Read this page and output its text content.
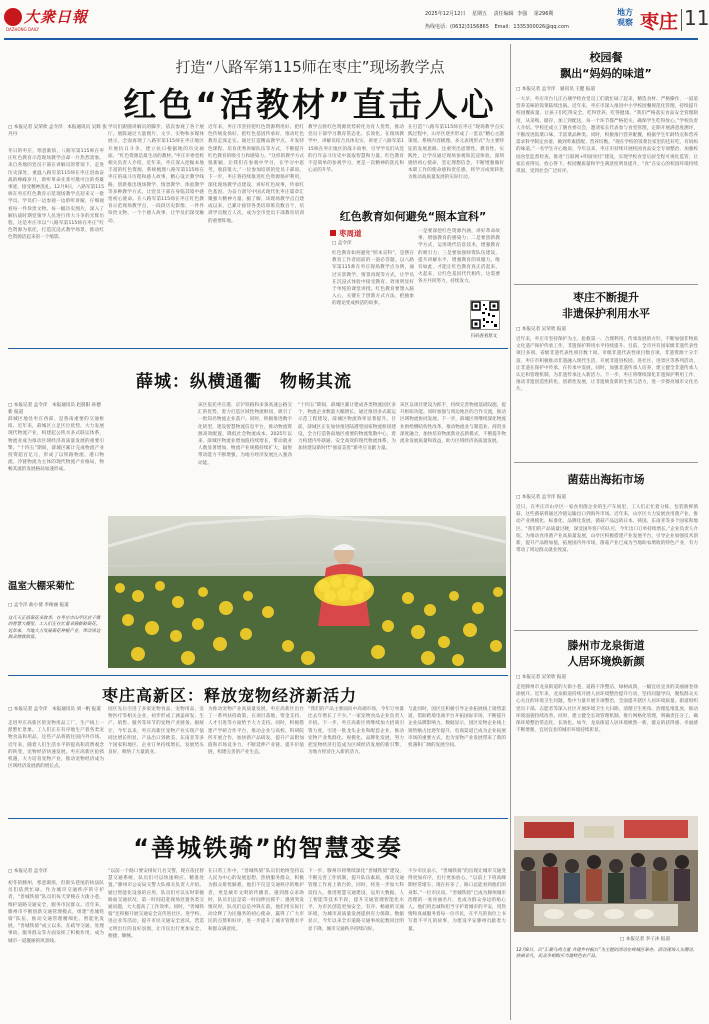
大衆日報
DAZHONG DAILY
2025年12月12日 星期五 责任编辑 李强 第296期
热线电话：(0632)3156865 Email：1335300026@qq.com
地方
观察 枣庄 11
打造“八路军第115师在枣庄”现场教学点
红色“活教材”直击人心
□ 本报记者 吴荣欣 孟令洋　本报通讯员 吴辉 张丹丹
冬日的枣庄，寒意渐浓，八路军第115师在枣庄红色教育示范现场教学点却一片热烈景象。来自各地的党员干部在讲解员的带领下，走进历史深处，重温八路军第115师在枣庄浴血奋战的峥嵘岁月，聆听革命先辈可歌可泣的英雄事迹，接受精神洗礼。12月9日，八路军第115师在枣庄红色教育示范现场教学点迎来又一批学员。学员们一边参观一边聆听讲解，仔细观看每一件珍贵文物、每一幅历史图片，深入了解抗战时期党领导人民进行伟大斗争的光辉历程。这是枣庄市以“八路军第115师在枣庄”红色资源为依托，打造沉浸式教学场景、推动红色资源活起来的一个缩影。
学员们跟随讲解员的脚步，依次参观了各个展厅。展陈通过大量图片、文字、实物和多媒体展示，全面再现了八路军第115师在枣庄地区开展抗日斗争、建立抗日根据地的历史画面。“红色资源是最生动的教材。”枣庄市委党校相关负责人介绍，近年来，枣庄深入挖掘本地丰富的红色资源，系统梳理八路军第115师在枣庄的战斗历程和感人故事，精心设计教学线路，创新推出现场教学、情景教学、体验教学等多种教学方式，让党员干部在身临其境中感悟初心使命。在八路军第115师在枣庄红色教育示范现场教学点，一段段历史影像、一件件珍贵文物、一个个感人故事，让学员们深受触动。
近年来，枣庄市坚持把红色资源利用好、把红色传统发扬好、把红色基因传承好，推动红色教育走深走实。通过打造精品教学点、开发特色课程、培育优秀讲解队伍等方式，不断提升红色教育的吸引力和感染力。“这样的教学方式很新颖，让我们在参观中学习，在学习中思考，收获很大。”一位参加培训的党员干部说。下一步，枣庄将持续推进红色资源保护利用，深化现场教学点建设，讲好红色故事，传承红色基因，为奋力谱写中国式现代化枣庄篇章汇聚强大精神力量。据了解，该现场教学点自建成以来，已累计接待各类培训班次数百个，培训学员数万人次，成为全市党员干部教育培训的重要阵地。
教学点将红色资源优势转化为育人优势，推动党员干部学习教育常态化、长效化。在现场教学中，讲解员结合具体史实，讲述了八路军第115师在枣庄地区的战斗故事，引导学员们从党的百年奋斗历史中汲取智慧和力量。红色教育不是简单的参观学习，更是一次精神的洗礼和心灵的升华。
在打造“八路军第115师在枣庄”现场教学点实践过程中，山亭区逐步形成了一套以“精心主题策划、系统内容梳理、多元表现形式”为主要特征的发展思路。注重突出思想性、教育性、实践性，让学员通过现场参观和沉浸体验，深刻感悟初心使命，坚定理想信念，不断增强做好本职工作的使命感和责任感，将学习成果转化为推动高质量发展的实际行动。
红色教育如何避免“照本宣科”
枣周道
□ 孟令洋
红色教育如何避免“照本宣科”，是摆在教育工作者面前的一道必答题。以八路军第115师在枣庄现场教学点为例，通过实景教学、情景再现等方式，让学员在沉浸式体验中接受教育，效果明显好于单纯的课堂讲授。红色教育要想入脑入心，关键在于创新方式方法，把抽象的理论变成鲜活的故事。
一是要深挖红色资源内涵，讲好革命故事，增强教育的感染力；二是要创新教学方式，运用现代信息技术，增强教育的吸引力；三是要加强师资队伍建设，提升讲解水平，增强教育的说服力。唯有如此，才能让红色教育真正活起来、火起来，让红色基因代代相传。这需要各方共同努力，持续发力。
扫码查看原文
薛城：纵横通衢　物畅其流
□ 本报记者 孟令洋　本报通讯员 赵晨阳 孙德新 报道
薛城区地处枣庄西部，是鲁南重要的交通枢纽。近年来，薛城区立足区位优势，大力发展现代物流产业，构建起公铁水多式联运体系，物流业成为推动区域经济高质量发展的重要引擎。“十四五”期间，薛城区累计完成物流产业投资超百亿元，形成了以铁路物流、港口物流、冷链物流为主体的现代物流产业格局，物畅其流的发展格局加速形成。
该区依托枣庄港、京沪铁路和多条高速公路交汇的优势，着力打造区域性物流枢纽，吸引了一批知名物流企业落户。同时，积极推进数字化转型，建设智慧物流信息平台，推动物流资源高效配置，降低社会物流成本。2025年以来，薛城区物流业增加值持续增长，带动就业人数显著增加，物流产业规模持续扩大，辐射带动能力不断增强，为地方经济发展注入强劲动能。
“十四五”期间，薛城区累计建成各类物流园区多个，物流企业数量大幅增长。通过推进多式联运示范工程建设，薛城区物流效率显著提升。目前，薛城区正在加快推进陆港型国家物流枢纽建设，全力打造鲁南地区重要的物流集散中心，着力构建内外联通、安全高效的现代物流体系，为加快建设新时代“强富美优”新枣庄贡献力量。
该区以项目建设为抓手，持续完善物流基础设施，提升枢纽功能。同时加强与周边地区的合作交流，推动区域物流协同发展。下一步，薛城区将继续深化物流业供给侧结构性改革，推动物流业与制造业、商贸业深度融合，加快培育物流新业态新模式，不断提升物流业发展质量和效益，助力区域经济高质量发展。
温室大棚采菊忙
□ 孟令洋 曲小倩 李俊丽 报道
这几天正值菊花采收季，在枣庄市山亭区店子镇的智慧大棚里，工人们正在忙着采摘新鲜菊花。近年来，当地大力发展菊花种植产业，带动周边群众增收致富。
枣庄高新区：释放宠物经济新活力
□ 本报记者 孟令洋　本报通讯员 刘一帆 报道
走进枣庄高新区的宠物用品工厂，生产线上一派繁忙景象。工人们正在有序地生产着各类宠物食品和用品，这些产品将销往国内外市场。近年来，随着人们生活水平的提高和消费观念的转变，宠物经济快速发展。枣庄高新区抢抓机遇，大力培育宠物产业，推动宠物经济成为区域经济发展新的增长点。
园区先后引进了多家宠物食品、宠物用品、宠物医疗等相关企业，初步形成了涵盖研发、生产、销售、服务等环节的宠物产业链条。据统计，今年以来，枣庄高新区宠物产业实现产值同比增长明显，产品出口到欧美、东南亚等多个国家和地区，企业订单持续增长，发展势头良好，吸纳了大量就业。
为推动宠物产业高质量发展，枣庄高新区出台了一系列扶持政策，在项目落地、资金支持、人才引进等方面给予大力支持。同时，积极搭建产学研合作平台，推动企业与高校、科研院所开展合作，加快新产品研发，提升产品附加值和市场竞争力，不断延伸产业链、提升价值链，构建完善的产业生态。
“我们的产品主要面向中高端市场，今年订单量比去年增长了不少。”一家宠物食品企业负责人介绍。下一步，枣庄高新区将继续加大招商引资力度，引进一批龙头企业和配套企业，推动宠物产业集群化、规模化、品牌化发展，努力把宠物经济打造成为区域经济发展的新引擎，为地方经济注入新的活力。
与此同时，园区还积极引导企业拓展线上销售渠道，借助跨境电商平台开拓国际市场，不断提升企业品牌影响力。数据显示，园区宠物企业线上销售额占比逐年提升，电商渠道已成为企业拓展市场的重要方式，也为宠物产业发展带来了新的机遇和广阔的发展空间。
“善城铁骑”的智慧变奏
□ 本报记者 孟令洋
初冬的滕州，寒意渐浓，但街头巷尾的执法队员们依然忙碌。作为城市交通秩序的守护者，“善城铁骑”队员们每天穿梭在大街小巷，维护道路交通安全，服务市民群众。近年来，滕州市不断创新交通管理模式，组建“善城铁骑”队伍，推动交通管理精细化、智能化发展。“善城铁骑”成立以来，在疏导交通、处理事故、服务群众等方面发挥了积极作用，成为城市一道靓丽的风景线。
“以前一个路口要安排好几名交警，现在依托智慧交通系统，队员们可以快速响应、精准处置。”滕州市公安局交警大队相关负责人介绍。通过智能化设备的应用，队员们可以实时掌握路面交通状况，第一时间赶赴现场处置各类交通问题，大大提高了工作效率。同时，“善城铁骑”还积极开展交通安全宣传进社区、进学校、进企业等活动，提升市民交通安全意识，营造文明出行的良好氛围，让市民出行更加安全、便捷、顺畅。
在日常工作中，“善城铁骑”队员们始终坚持以人民为中心的发展思想，热情服务群众，积极为群众排忧解难。他们不仅是交通秩序的维护者，更是城市文明的传播者。遇到群众求助时，队员们总是第一时间伸出援手；遇到突发情况时，队员们总是冲锋在前。他们用实际行动诠释了为民服务的初心使命，赢得了广大市民的点赞和好评，进一步提升了城市管理水平和群众满意度。
下一步，滕州市将继续深化“善城铁骑”建设，不断完善工作机制，提升队伍素质，推动交通管理工作再上新台阶。同时，将进一步加大科技投入，推进智慧交通建设，运用大数据、人工智能等技术手段，提升交通管理智能化水平，为市民创造更加安全、有序、畅通的交通环境，为城市高质量发展提供有力保障。数据显示，今年以来全市道路交通事故起数同比明显下降，城市交通秩序持续向好。
不少市民表示，“善城铁骑”的出现让城市交通变得更加有序，出行更加放心。“以前上下班高峰期经常堵车，现在好多了，路口总能看到他们的身影。”一位市民说。“善城铁骑”已成为滕州城市治理的一张亮丽名片，也成为群众身边的贴心人。他们用忠诚和担当守护着城市的平安，用热情和真诚服务着每一位市民，在平凡的岗位上书写着不平凡的故事，为建设平安滕州贡献着力量。
校园餐
飘出“妈妈的味道”
□ 本报记者 孟令洋　通讯员 王健 报道
一大早，枣庄市台儿庄古城学校食堂员工们就忙碌了起来，精选食材、严格操作，一道道营养美味的饭菜陆续出锅。近年来，枣庄市深入推进中小学校园餐规范化管理，持续提升校园餐质量，让孩子们吃得安全、吃得营养、吃得健康。“我们严格落实食品安全管理制度，从采购、储存、加工到配送，每一个环节都严格把关，确保学生吃得放心。”学校负责人介绍。学校还成立了膳食委员会，邀请家长代表参与食堂管理，定期开展满意度测评，不断改进饭菜口味，丰富菜品种类。同时，积极推行营养配餐，根据学生年龄特点和营养需求科学制定食谱，做到荤素搭配、营养均衡。“现在学校的饭菜比家里的还好吃，有妈妈的味道。”一名学生开心地说。今年以来，枣庄市持续开展校园食品安全专项整治，加强校园食堂监督检查，推进“互联网+明厨亮灶”建设，实现学校食堂后厨全程可视化监管，让家长看得见、放心得下，校园餐质量和学生满意度明显提升，“食”在安心的校园环境持续巩固，受到社会广泛好评。
枣庄不断提升
非遗保护利用水平
□ 本报记者 吴荣欣 报道
近年来，枣庄市坚持保护为主、抢救第一、合理利用、传承发展的方针，不断加强非物质文化遗产保护传承工作，非遗保护利用水平持续提升。目前，全市共有国家级非遗代表性项目多项、省级非遗代表性项目数十项、市级非遗代表性项目数百项，非遗资源十分丰富。枣庄市积极推动非遗融入现代生活，开展非遗进校园、进社区、进景区等系列活动，让非遗在保护中传承、在传承中发展。同时，加强非遗传承人培养，建立健全非遗传承人认定和管理机制，为非遗传承注入新活力。下一步，枣庄将继续深化非遗保护利用工作，推动非遗创造性转化、创新性发展，让非遗焕发新的生机与活力，进一步擦亮城市文化名片。
菌菇出海拓市场
□ 本报记者 孟令洋 报道
近日，在枣庄市山亭区一家食用菌企业的生产车间里，工人们正忙着分拣、包装新鲜菌菇，这些菌菇将通过冷链运输出口到海外市场。近年来，山亭区大力发展食用菌产业，推动产业规模化、标准化、品牌化发展，菌菇产品远销日本、韩国、东南亚等多个国家和地区。“我们的产品质量过硬，深受国外客户的认可，今年出口订单持续增长。”企业负责人介绍。为推动食用菌产业高质量发展，山亭区积极搭建产业发展平台，引导企业加强技术创新，提升产品附加值，拓展国内外市场，菌菇产业已成为当地助农增收的特色产业，有力带动了周边群众就业致富。
滕州市龙泉街道
人居环境焕新颜
□ 本报记者 吴荣欣 报道
走进滕州市龙泉街道的大街小巷，道路干净整洁、绿树成荫，一幅宜居宜业的美丽画卷徐徐展开。近年来，龙泉街道持续开展人居环境整治提升行动，坚持问题导向，聚焦群众关心关注的环境卫生问题，集中力量开展专项整治，全面提升辖区人居环境质量。街道组织党员干部、志愿者等深入社区开展环境卫生大扫除，清理卫生死角、治理乱堆乱放，推动环境面貌持续改善。同时，建立健全长效管理机制，推行网格化管理，明确责任分工，确保环境整治常态化、长效化。如今，龙泉街道人居环境焕然一新，群众的获得感、幸福感不断增强，宜居宜业的城市环境持续彰显。
□ 本报记者 李子沐 报道
12月8日，以“汇聚乌鸡力量 共建乡村振兴”为主题的活动在峄城区举办，活动现场人头攒动、热闹非凡，民众争相购买当地特色农产品。
